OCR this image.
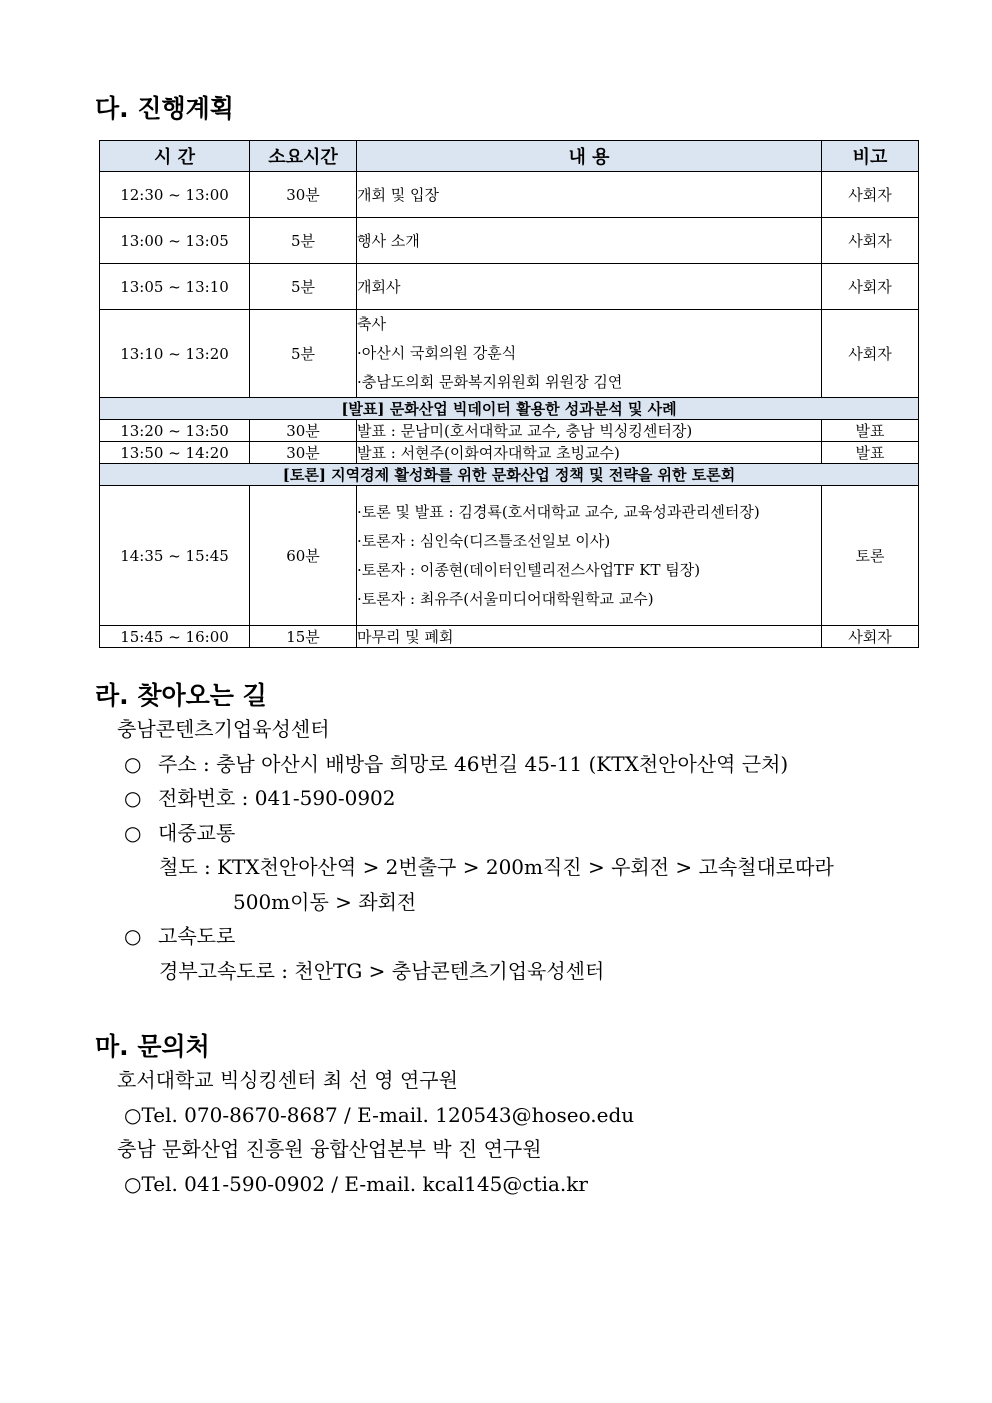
다. 진행계획
시 간	소요시간	내 용	비고
12:30 ~ 13:00	30분	개회 및 입장	사회자
13:00 ~ 13:05	5분	행사 소개	사회자
13:05 ~ 13:10	5분	개회사	사회자
13:10 ~ 13:20	5분	축사
·아산시 국회의원 강훈식
·충남도의회 문화복지위원회 위원장 김연	사회자
[발표] 문화산업 빅데이터 활용한 성과분석 및 사례			
13:20 ~ 13:50	30분	발표 : 문남미(호서대학교 교수, 충남 빅싱킹센터장)	발표
13:50 ~ 14:20	30분	발표 : 서현주(이화여자대학교 초빙교수)	발표
[토론] 지역경제 활성화를 위한 문화산업 정책 및 전략을 위한 토론회			
14:35 ~ 15:45	60분	·토론 및 발표 : 김경룍(호서대학교 교수, 교육성과관리센터장)
·토론자 : 심인숙(디즈틀조선일보 이사)
·토론자 : 이종현(데이터인텔리전스사업TF KT 팀장)
·토론자 : 최유주(서울미디어대학원학교 교수)	토론
15:45 ~ 16:00	15분	마무리 및 폐회	사회자
라. 찾아오는 길
충남콘텐츠기업육성센터
○ 주소 : 충남 아산시 배방읍 희망로 46번길 45-11 (KTX천안아산역 근처)
○ 전화번호 : 041-590-0902
○ 대중교통
철도 : KTX천안아산역 > 2번출구 > 200m직진 > 우회전 > 고속철대로따라
500m이동 > 좌회전
○ 고속도로
경부고속도로 : 천안TG > 충남콘텐츠기업육성센터
마. 문의처
호서대학교 빅싱킹센터 최 선 영 연구원
○Tel. 070-8670-8687 / E-mail. 120543@hoseo.edu
충남 문화산업 진흥원 융합산업본부 박 진 연구원
○Tel. 041-590-0902 / E-mail. kcal145@ctia.kr
